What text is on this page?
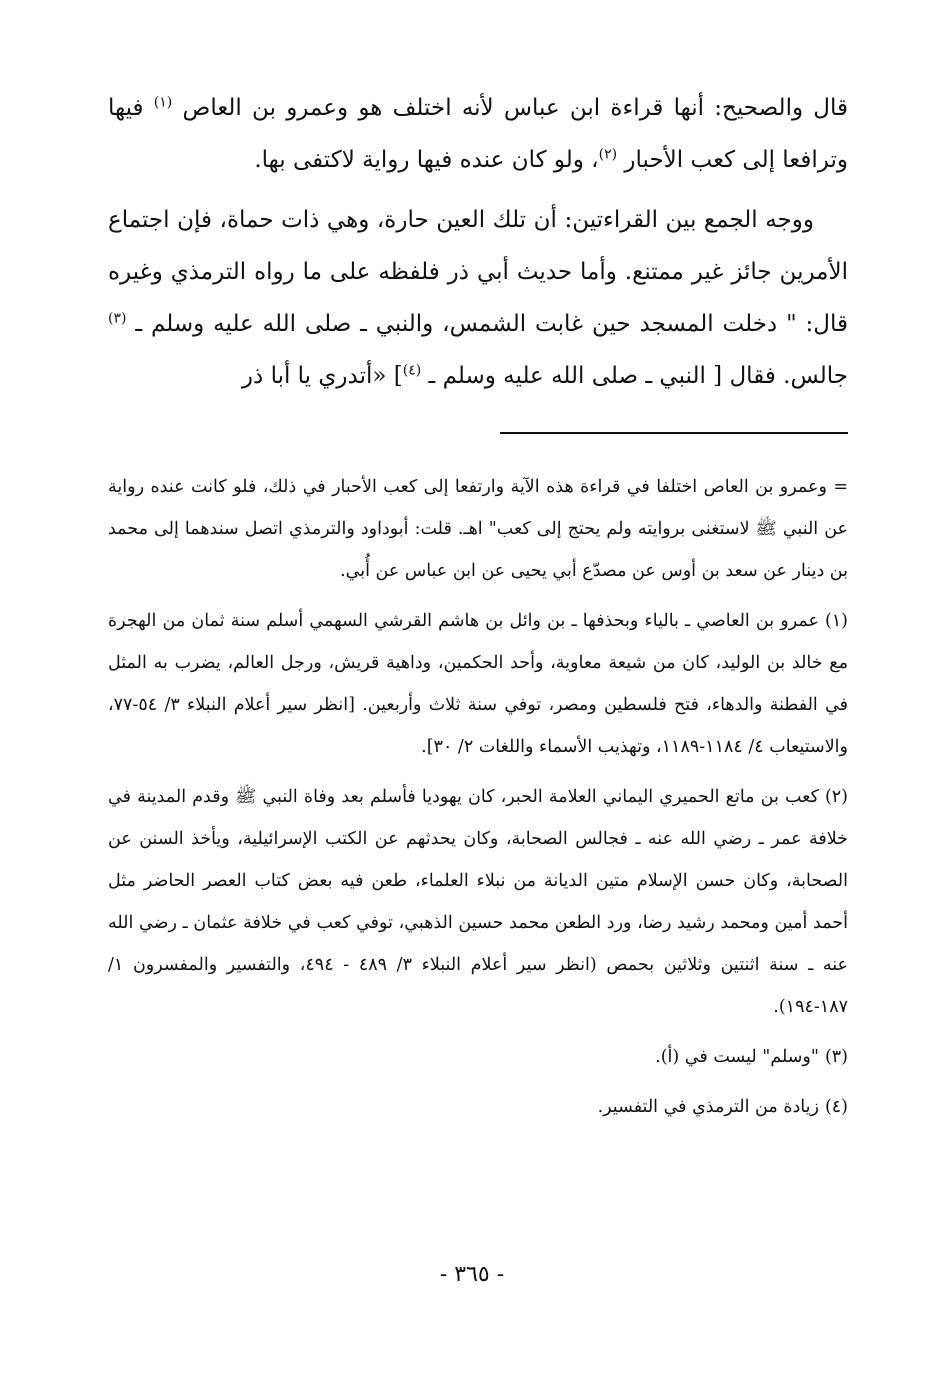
قال والصحيح: أنها قراءة ابن عباس لأنه اختلف هو وعمرو بن العاص $^{(١)}$ فيها وترافعا إلى كعب الأحبار $^{(٢)}$، ولو كان عنده فيها رواية لاكتفى بها.

ووجه الجمع بين القراءتين: أن تلك العين حارة، وهي ذات حماة، فإن اجتماع الأمرين جائز غير ممتنع. وأما حديث أبي ذر فلفظه على ما رواه الترمذي وغيره قال: " دخلت المسجد حين غابت الشمس، والنبي ـ صلى الله عليه وسلم ـ $^{(٣)}$ جالس. فقال [ النبي ـ صلى الله عليه وسلم ـ $^{(٤)}$] «أتدري يا أبا ذر

= وعمرو بن العاص اختلفا في قراءة هذه الآية وارتفعا إلى كعب الأحبار في ذلك، فلو كانت عنده رواية عن النبي ﷺ لاستغنى بروايته ولم يحتج إلى كعب" اهـ. قلت: أبوداود والترمذي اتصل سندهما إلى محمد بن دينار عن سعد بن أوس عن مصدّع أبي يحيى عن ابن عباس عن أُبي.

(١)عمرو بن العاصي ـ بالياء وبحذفها ـ بن وائل بن هاشم القرشي السهمي أسلم سنة ثمان من الهجرة مع خالد بن الوليد، كان من شيعة معاوية، وأحد الحكمين، وداهية قريش، ورجل العالم، يضرب به المثل في الفطنة والدهاء، فتح فلسطين ومصر، توفي سنة ثلاث وأربعين. [انظر سير أعلام النبلاء ٣/ ٥٤-٧٧، والاستيعاب ٤/ ١١٨٤-١١٨٩، وتهذيب الأسماء واللغات ٢/ ٣٠].

(٢)كعب بن ماتع الحميري اليماني العلامة الحبر، كان يهوديا فأسلم بعد وفاة النبي ﷺ وقدم المدينة في خلافة عمر ـ رضي الله عنه ـ فجالس الصحابة، وكان يحدثهم عن الكتب الإسرائيلية، ويأخذ السنن عن الصحابة، وكان حسن الإسلام متين الديانة من نبلاء العلماء، طعن فيه بعض كتاب العصر الحاضر مثل أحمد أمين ومحمد رشيد رضا، ورد الطعن محمد حسين الذهبي، توفي كعب في خلافة عثمان ـ رضي الله عنه ـ سنة اثنتين وثلاثين بحمص (انظر سير أعلام النبلاء ٣/ ٤٨٩ - ٤٩٤، والتفسير والمفسرون ١/ ١٨٧-١٩٤).

(٣)"وسلم" ليست في (أ).

(٤)زيادة من الترمذي في التفسير.

- ٣٦٥ -
